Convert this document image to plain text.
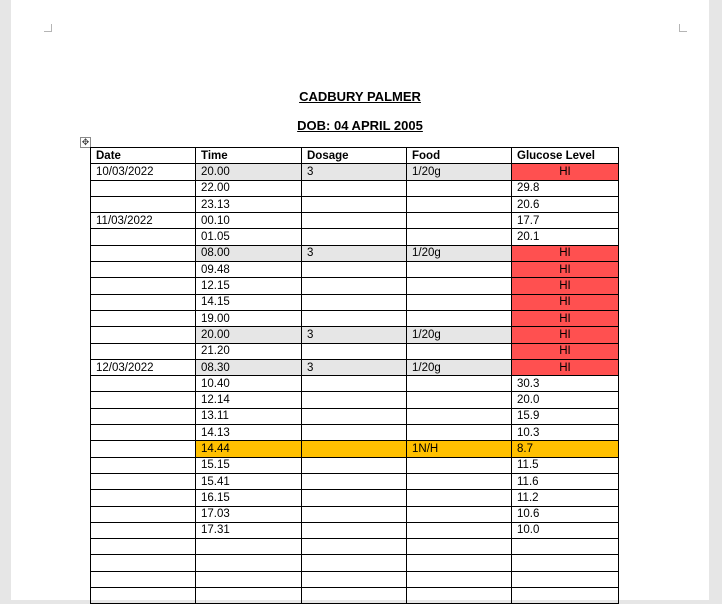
CADBURY PALMER
DOB: 04 APRIL 2005
✥
Date	Time	Dosage	Food	Glucose Level
10/03/2022	20.00	3	1/20g	HI
	22.00			29.8
	23.13			20.6
11/03/2022	00.10			17.7
	01.05			20.1
	08.00	3	1/20g	HI
	09.48			HI
	12.15			HI
	14.15			HI
	19.00			HI
	20.00	3	1/20g	HI
	21.20			HI
12/03/2022	08.30	3	1/20g	HI
	10.40			30.3
	12.14			20.0
	13.11			15.9
	14.13			10.3
	14.44		1N/H	8.7
	15.15			11.5
	15.41			11.6
	16.15			11.2
	17.03			10.6
	17.31			10.0
